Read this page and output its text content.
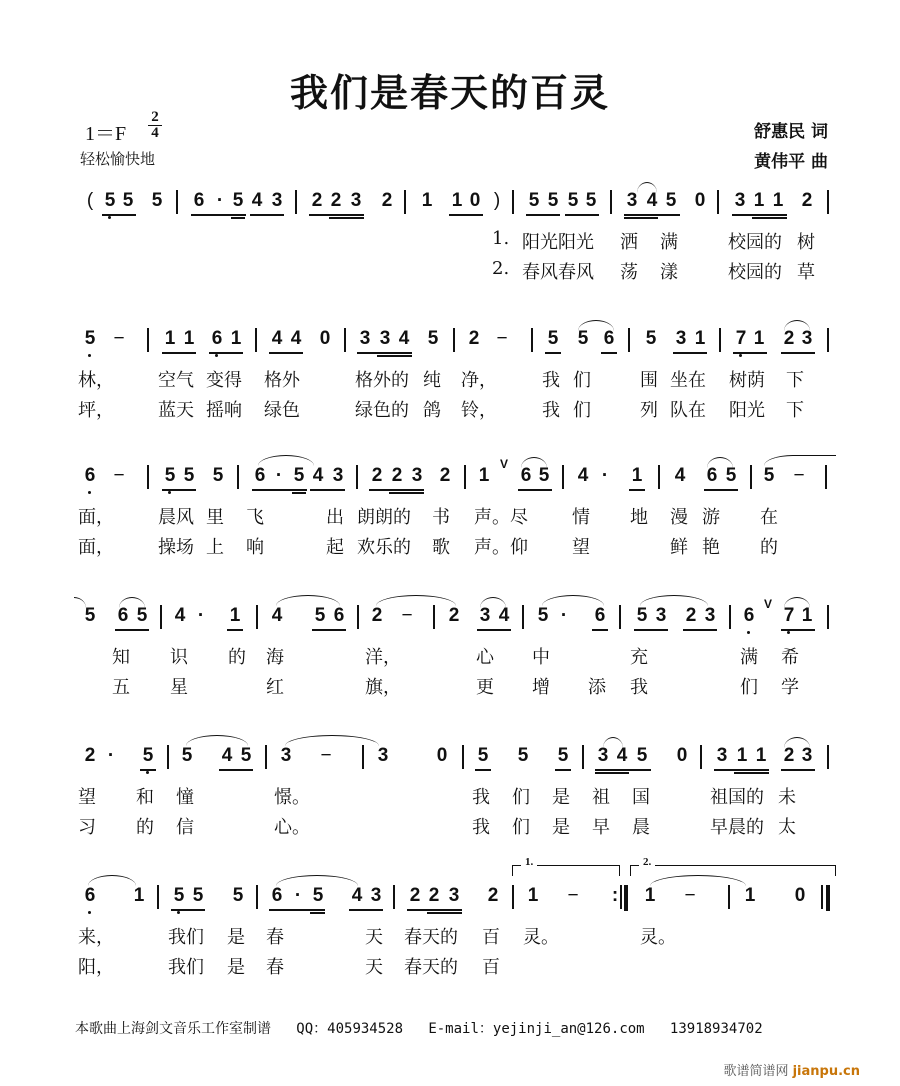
我们是春天的百灵
1＝F
2
4
轻松愉快地
舒惠民 词
黄伟平 曲
( 5 5 5 6 · 5 4 3 2 2 3 2 1 1 0 ) 5 5 5 5 3 4 5 0 3 1 1 2
1. 阳光阳光 洒 满	校园的 树
2. 春风春风 荡 漾	校园的 草
5 − 1 1 6 1 4 4 0 3 3 4 5 2 − 5 5 6 5 3 1 7 1 2 3
林， 空气 变得 格外	格外的 纯 净，	我 们	围 坐在 树荫 下
坪， 蓝天 摇响 绿色	绿色的 鸽 铃，	我 们	列 队在 阳光 下
6 − 5 5 5 6 · 5 4 3 2 2 3 2 1
V
6 5 4 · 1 4 6 5 5 −
面， 晨风 里 飞	出 朗朗的 书 声。尽 情 地 漫 游 在
面， 操场 上 响	起 欢乐的 歌 声。仰 望	鲜 艳 的
5 6 5 4 · 1 4 5 6 2 − 2 3 4 5 · 6 5 3 2 3 6
V
7 1
知 识 的 海	洋，	心 中	充	满 希
五 星	红	旗，	更 增 添 我	们 学
2 · 5 5 4 5 3 − 3	0 5 5 5 3 4 5 0 3 1 1 2 3
望 和 憧	憬。	我 们 是 祖 国	祖国的 未
习 的 信	心。	我 们 是 早 晨	早晨的 太
1.	2.
6 1 5 5 5 6 · 5 4 3 2 2 3 2 1 − : 1 −	1 0
来，	我们 是 春	天 春天的 百 灵。	灵。
阳，	我们 是 春	天 春天的 百
本歌曲上海剑文音乐工作室制谱 QQ：405934528 E-mail：yejinji_an@126.com 13918934702
歌谱简谱网 jianpu.cn
